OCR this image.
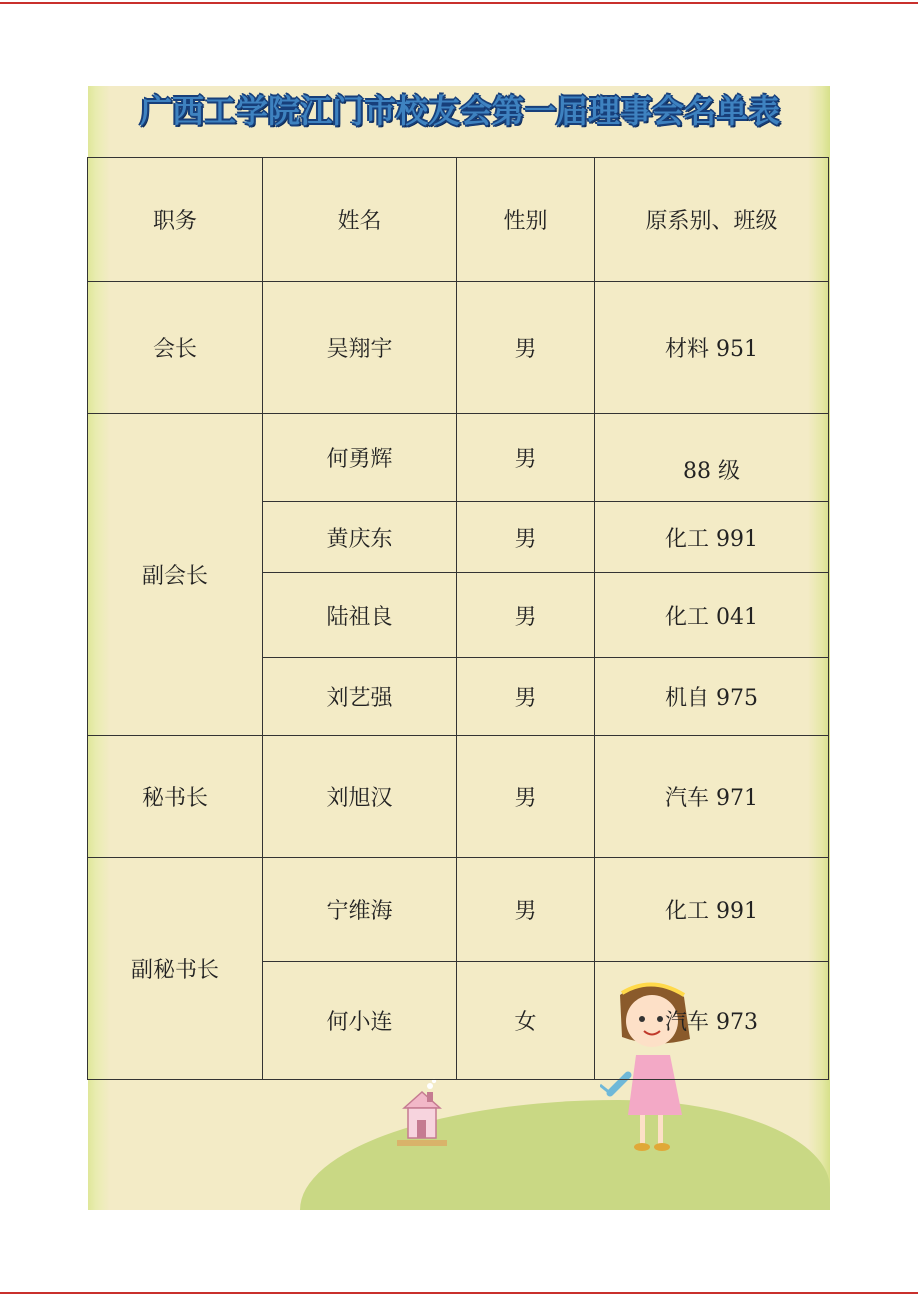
广西工学院江门市校友会第一届理事会名单表
职务	姓名	性别	原系别、班级
会长	吴翔宇	男	材料 951
副会长	何勇辉	男	88 级
	黄庆东	男	化工 991
	陆祖良	男	化工 041
	刘艺强	男	机自 975
秘书长	刘旭汉	男	汽车 971
副秘书长	宁维海	男	化工 991
	何小连	女	汽车 973
